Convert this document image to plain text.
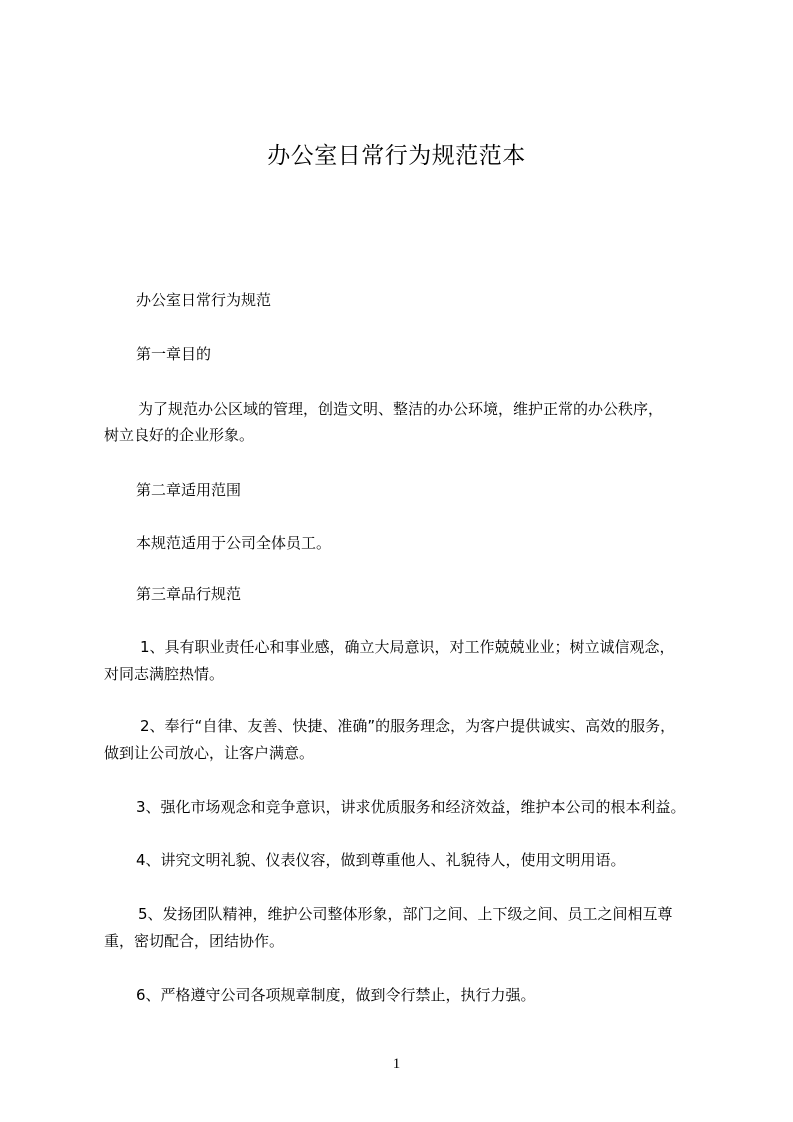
办公室日常行为规范范本
办公室日常行为规范
第一章目的
为了规范办公区域的管理，创造文明、整洁的办公环境，维护正常的办公秩序，
树立良好的企业形象。
第二章适用范围
本规范适用于公司全体员工。
第三章品行规范
1、具有职业责任心和事业感，确立大局意识，对工作兢兢业业；树立诚信观念，
对同志满腔热情。
2、奉行“自律、友善、快捷、准确”的服务理念，为客户提供诚实、高效的服务，
做到让公司放心，让客户满意。
3、强化市场观念和竞争意识，讲求优质服务和经济效益，维护本公司的根本利益。
4、讲究文明礼貌、仪表仪容，做到尊重他人、礼貌待人，使用文明用语。
5、发扬团队精神，维护公司整体形象，部门之间、上下级之间、员工之间相互尊
重，密切配合，团结协作。
6、严格遵守公司各项规章制度，做到令行禁止，执行力强。
1
